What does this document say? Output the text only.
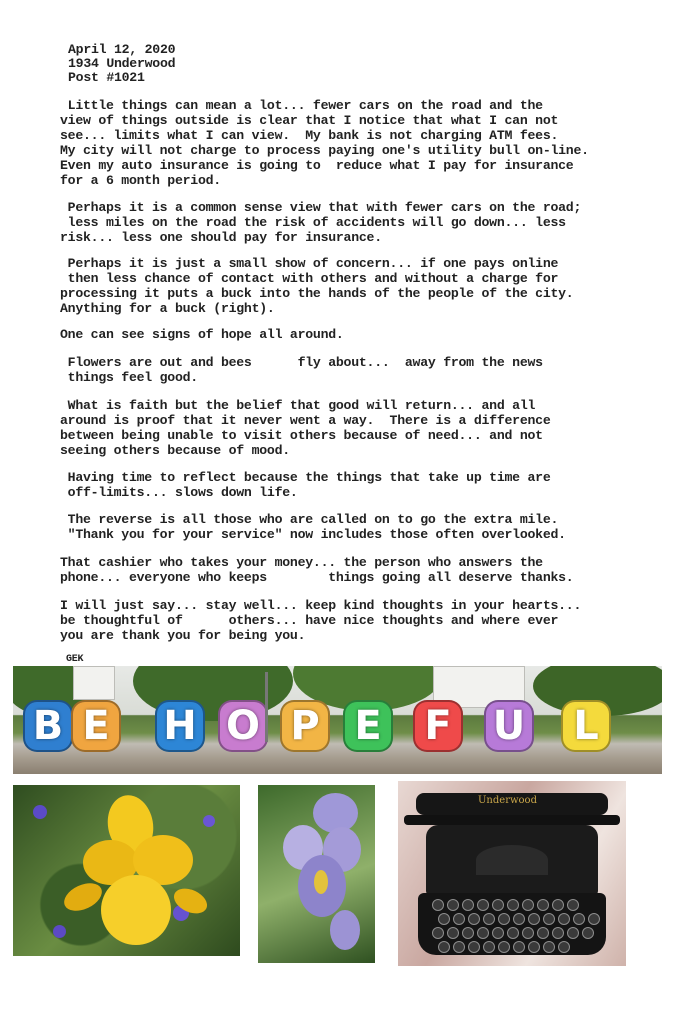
April 12, 2020
1934 Underwood
Post #1021
Little things can mean a lot... fewer cars on the road and the
view of things outside is clear that I notice that what I can not
see... limits what I can view.  My bank is not charging ATM fees.
My city will not charge to process paying one's utility bull on-line.
Even my auto insurance is going to  reduce what I pay for insurance
for a 6 month period.
Perhaps it is a common sense view that with fewer cars on the road;
less miles on the road the risk of accidents will go down... less
risk... less one should pay for insurance.
Perhaps it is just a small show of concern... if one pays online
then less chance of contact with others and without a charge for
processing it puts a buck into the hands of the people of the city.
Anything for a buck (right).
One can see signs of hope all around.
Flowers are out and bees      fly about...  away from the news
things feel good.
What is faith but the belief that good will return... and all
around is proof that it never went a way.  There is a difference
between being unable to visit others because of need... and not
seeing others because of mood.
Having time to reflect because the things that take up time are
off-limits... slows down life.
The reverse is all those who are called on to go the extra mile.
"Thank you for your service" now includes those often overlooked.
That cashier who takes your money... the person who answers the
phone... everyone who keeps        things going all deserve thanks.
I will just say... stay well... keep kind thoughts in your hearts...
be thoughtful of      others... have nice thoughts and where ever
you are thank you for being you.
GEK
B E H O P E F U	L
Underwood
